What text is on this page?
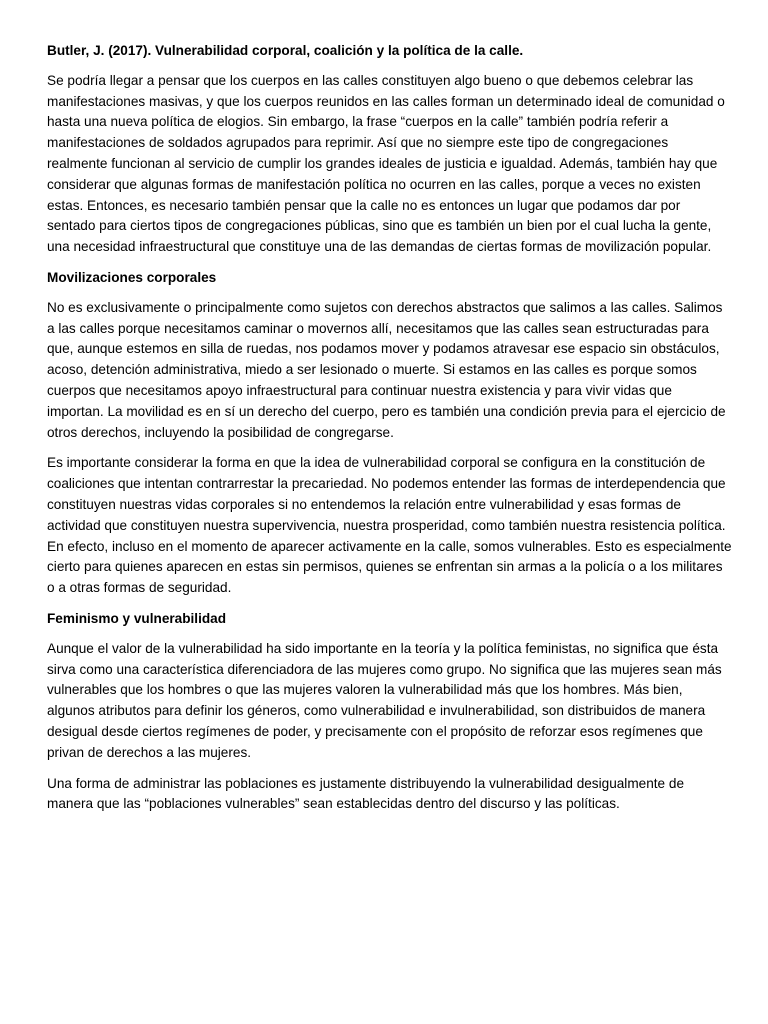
Butler, J. (2017). Vulnerabilidad corporal, coalición y la política de la calle.

Se podría llegar a pensar que los cuerpos en las calles constituyen algo bueno o que debemos celebrar las manifestaciones masivas, y que los cuerpos reunidos en las calles forman un determinado ideal de comunidad o hasta una nueva política de elogios. Sin embargo, la frase “cuerpos en la calle” también podría referir a manifestaciones de soldados agrupados para reprimir. Así que no siempre este tipo de congregaciones realmente funcionan al servicio de cumplir los grandes ideales de justicia e igualdad. Además, también hay que considerar que algunas formas de manifestación política no ocurren en las calles, porque a veces no existen estas. Entonces, es necesario también pensar que la calle no es entonces un lugar que podamos dar por sentado para ciertos tipos de congregaciones públicas, sino que es también un bien por el cual lucha la gente, una necesidad infraestructural que constituye una de las demandas de ciertas formas de movilización popular.

Movilizaciones corporales

No es exclusivamente o principalmente como sujetos con derechos abstractos que salimos a las calles. Salimos a las calles porque necesitamos caminar o movernos allí, necesitamos que las calles sean estructuradas para que, aunque estemos en silla de ruedas, nos podamos mover y podamos atravesar ese espacio sin obstáculos, acoso, detención administrativa, miedo a ser lesionado o muerte. Si estamos en las calles es porque somos cuerpos que necesitamos apoyo infraestructural para continuar nuestra existencia y para vivir vidas que importan. La movilidad es en sí un derecho del cuerpo, pero es también una condición previa para el ejercicio de otros derechos, incluyendo la posibilidad de congregarse.

Es importante considerar la forma en que la idea de vulnerabilidad corporal se configura en la constitución de coaliciones que intentan contrarrestar la precariedad. No podemos entender las formas de interdependencia que constituyen nuestras vidas corporales si no entendemos la relación entre vulnerabilidad y esas formas de actividad que constituyen nuestra supervivencia, nuestra prosperidad, como también nuestra resistencia política. En efecto, incluso en el momento de aparecer activamente en la calle, somos vulnerables. Esto es especialmente cierto para quienes aparecen en estas sin permisos, quienes se enfrentan sin armas a la policía o a los militares o a otras formas de seguridad.

Feminismo y vulnerabilidad

Aunque el valor de la vulnerabilidad ha sido importante en la teoría y la política feministas, no significa que ésta sirva como una característica diferenciadora de las mujeres como grupo. No significa que las mujeres sean más vulnerables que los hombres o que las mujeres valoren la vulnerabilidad más que los hombres. Más bien, algunos atributos para definir los géneros, como vulnerabilidad e invulnerabilidad, son distribuidos de manera desigual desde ciertos regímenes de poder, y precisamente con el propósito de reforzar esos regímenes que privan de derechos a las mujeres.

Una forma de administrar las poblaciones es justamente distribuyendo la vulnerabilidad desigualmente de manera que las “poblaciones vulnerables” sean establecidas dentro del discurso y las políticas.
